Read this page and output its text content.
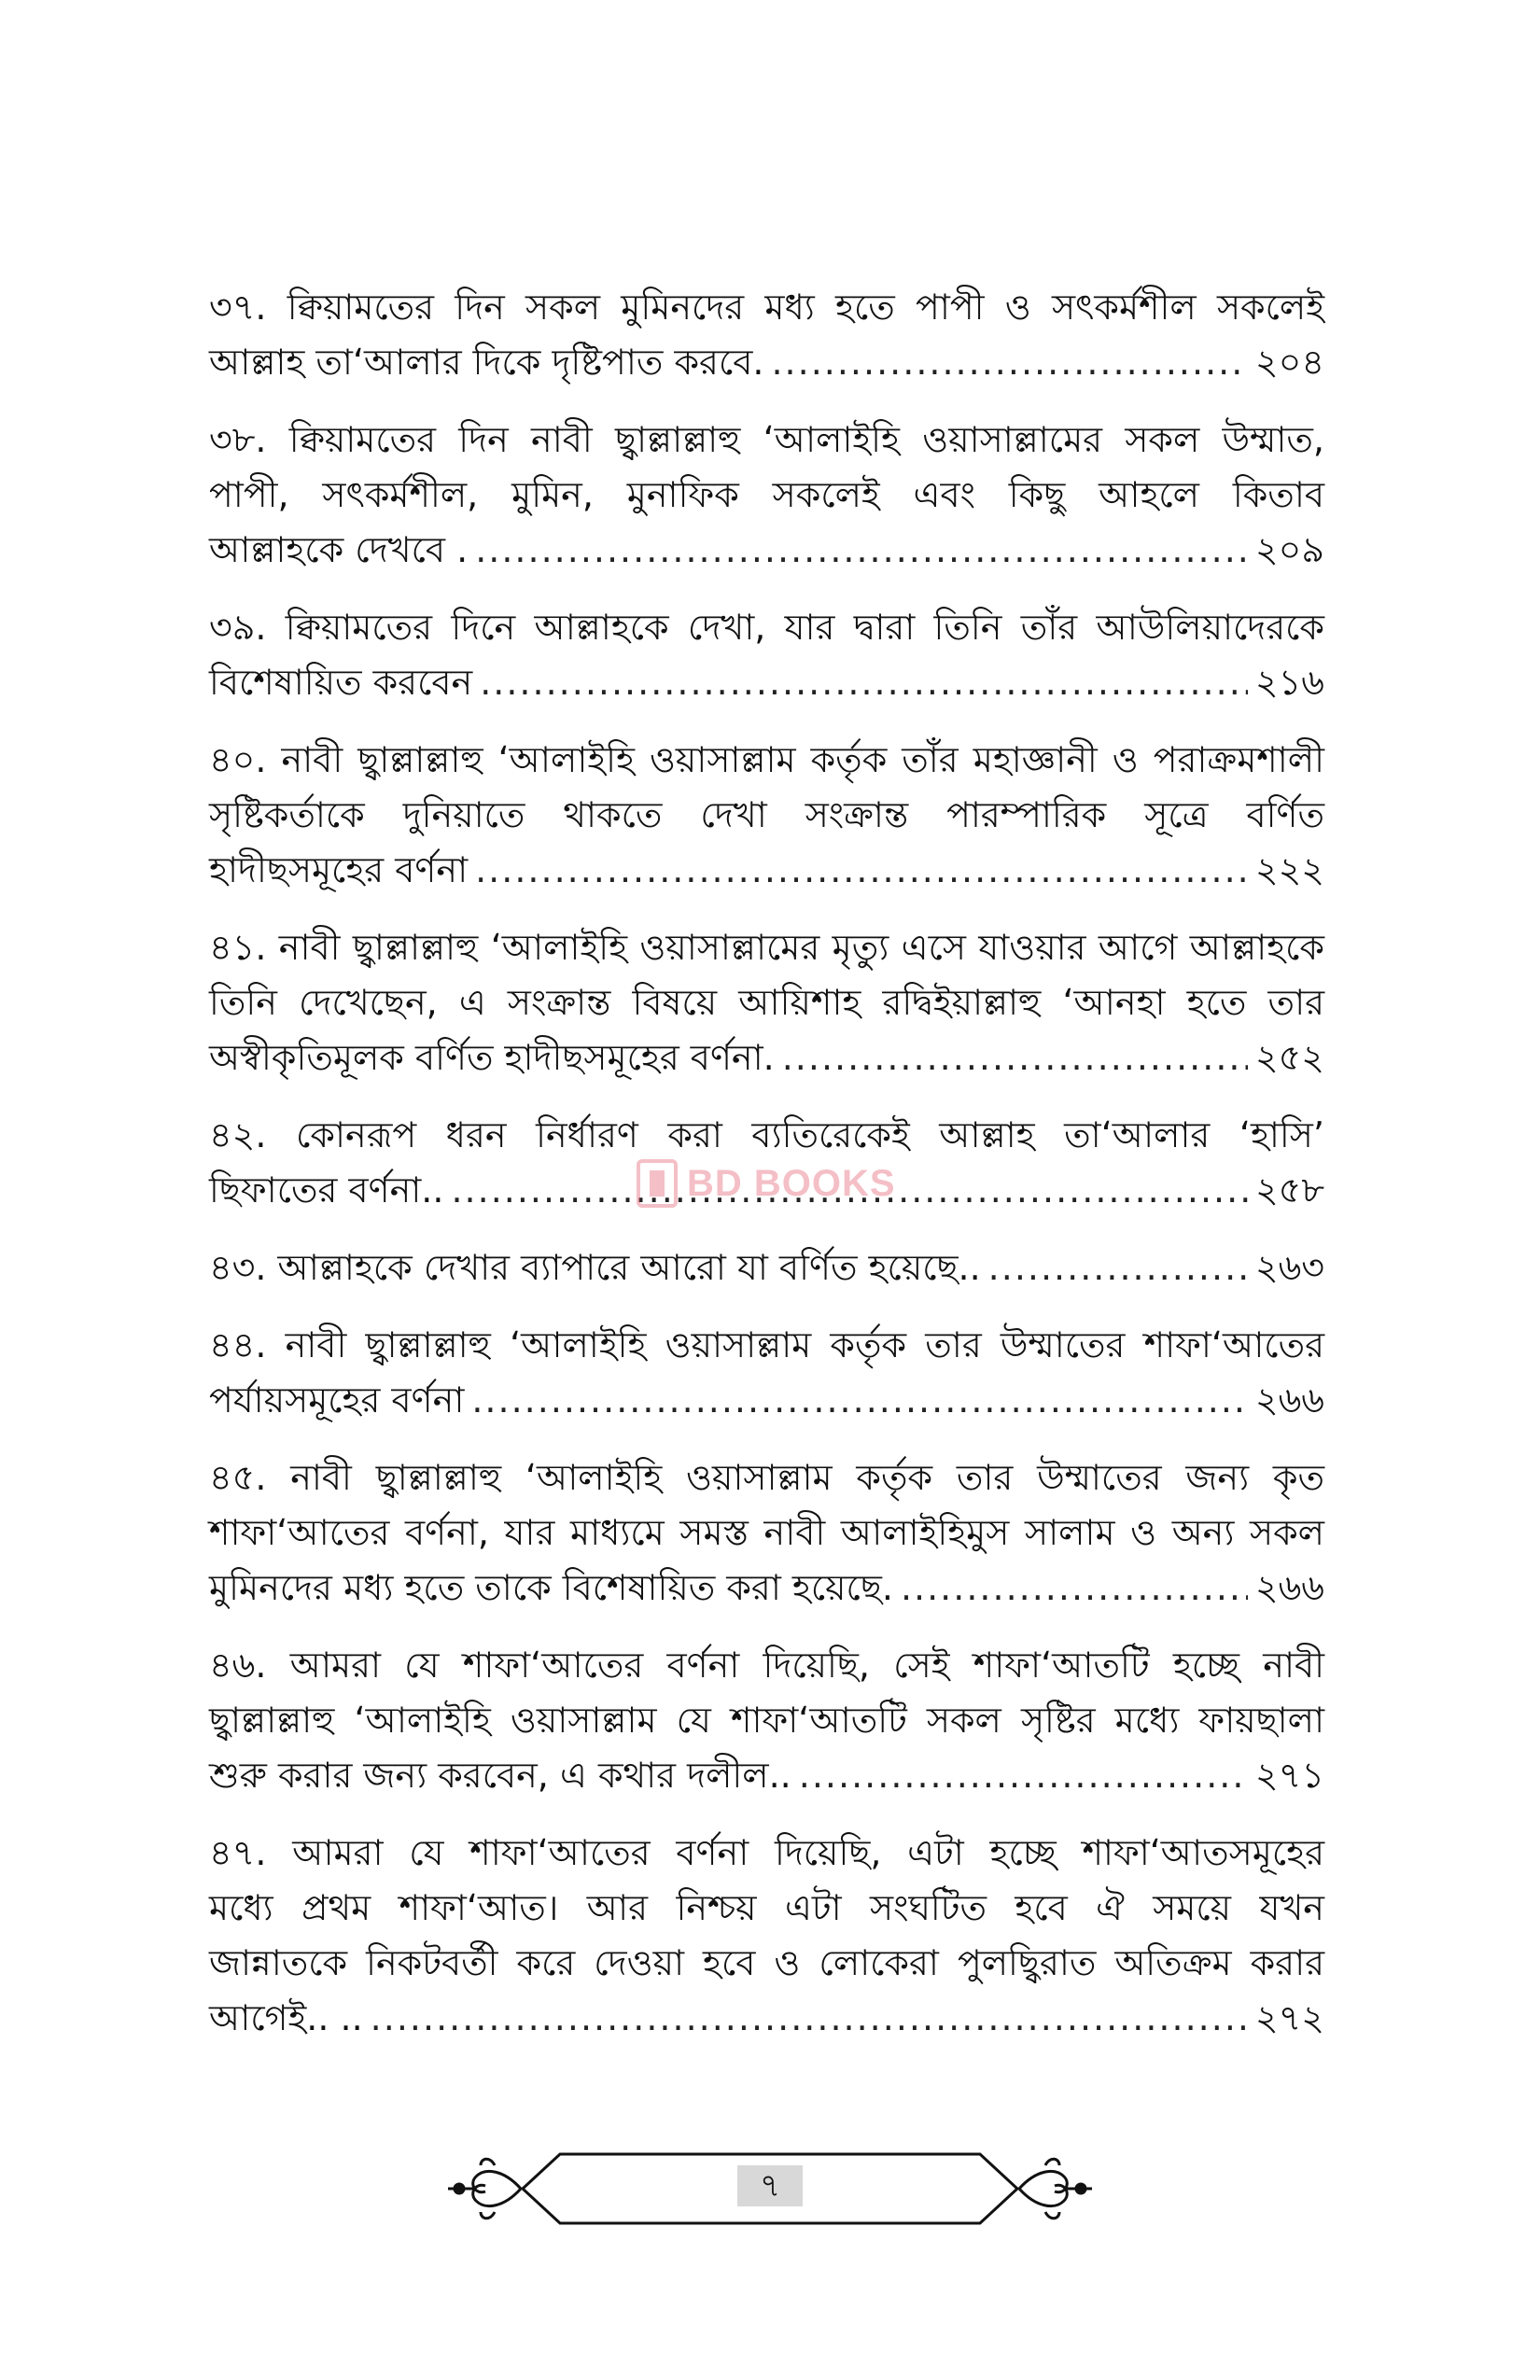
৩৭. ক্বিয়ামতের দিন সকল মুমিনদের মধ্য হতে পাপী ও সৎকর্মশীল সকলেই
আল্লাহ তা‘আলার দিকে দৃষ্টিপাত করবে. .....	২০৪
৩৮. ক্বিয়ামতের দিন নাবী ছ্বাল্লাল্লাহু ‘আলাইহি ওয়াসাল্লামের সকল উম্মাত,
পাপী, সৎকর্মশীল, মুমিন, মুনাফিক সকলেই এবং কিছু আহলে কিতাব
আল্লাহকে দেখবে . .....	২০৯
৩৯. ক্বিয়ামতের দিনে আল্লাহকে দেখা, যার দ্বারা তিনি তাঁর আউলিয়াদেরকে
বিশেষায়িত করবেন .....	২১৬
৪০. নাবী ছ্বাল্লাল্লাহু ‘আলাইহি ওয়াসাল্লাম কর্তৃক তাঁর মহাজ্ঞানী ও পরাক্রমশালী
সৃষ্টিকর্তাকে দুনিয়াতে থাকতে দেখা সংক্রান্ত পারম্পারিক সূত্রে বর্ণিত
হাদীছসমূহের বর্ণনা .....	২২২
৪১. নাবী ছ্বাল্লাল্লাহু ‘আলাইহি ওয়াসাল্লামের মৃত্যু এসে যাওয়ার আগে আল্লাহকে
তিনি দেখেছেন, এ সংক্রান্ত বিষয়ে আয়িশাহ রদ্বিইয়াল্লাহু ‘আনহা হতে তার
অস্বীকৃতিমূলক বর্ণিত হাদীছসমূহের বর্ণনা. .....	২৫২
৪২. কোনরূপ ধরন নির্ধারণ করা ব্যতিরেকেই আল্লাহ তা‘আলার ‘হাসি’
ছিফাতের বর্ণনা.. .....	২৫৮
৪৩. আল্লাহকে দেখার ব্যাপারে আরো যা বর্ণিত হয়েছে.. .....	২৬৩
৪৪. নাবী ছ্বাল্লাল্লাহু ‘আলাইহি ওয়াসাল্লাম কর্তৃক তার উম্মাতের শাফা‘আতের
পর্যায়সমূহের বর্ণনা .....	২৬৬
৪৫. নাবী ছ্বাল্লাল্লাহু ‘আলাইহি ওয়াসাল্লাম কর্তৃক তার উম্মাতের জন্য কৃত
শাফা‘আতের বর্ণনা, যার মাধ্যমে সমস্ত নাবী আলাইহিমুস সালাম ও অন্য সকল
মুমিনদের মধ্য হতে তাকে বিশেষায়িত করা হয়েছে. .....	২৬৬
৪৬. আমরা যে শাফা‘আতের বর্ণনা দিয়েছি, সেই শাফা‘আতটি হচ্ছে নাবী
ছ্বাল্লাল্লাহু ‘আলাইহি ওয়াসাল্লাম যে শাফা‘আতটি সকল সৃষ্টির মধ্যে ফায়ছালা
শুরু করার জন্য করবেন, এ কথার দলীল.. .....	২৭১
৪৭. আমরা যে শাফা‘আতের বর্ণনা দিয়েছি, এটা হচ্ছে শাফা‘আতসমূহের
মধ্যে প্রথম শাফা‘আত। আর নিশ্চয় এটা সংঘটিত হবে ঐ সময়ে যখন
জান্নাতকে নিকটবর্তী করে দেওয়া হবে ও লোকেরা পুলছ্বিরাত অতিক্রম করার
আগেই.. .. .....	২৭২
BD BOOKS
৭
